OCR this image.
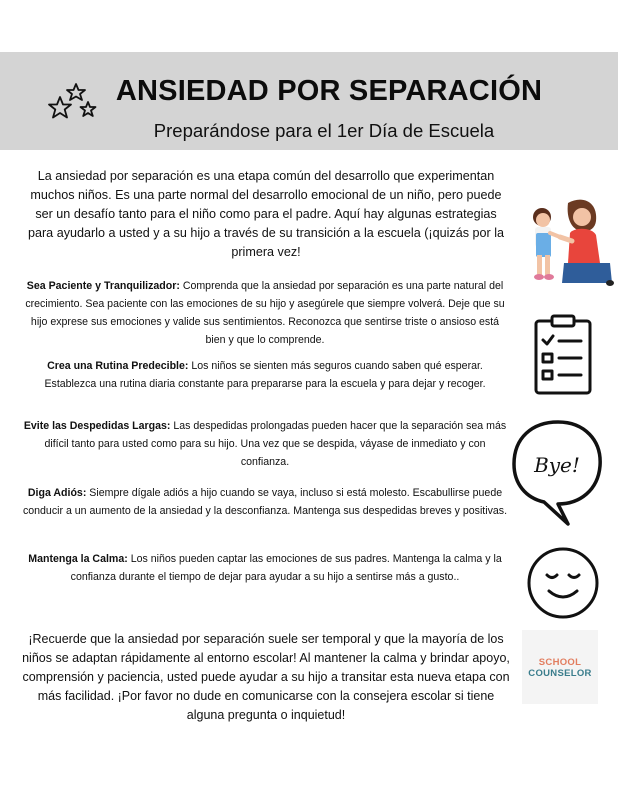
ANSIEDAD POR SEPARACIÓN
Preparándose para el 1er Día de Escuela

La ansiedad por separación es una etapa común del desarrollo que experimentan muchos niños. Es una parte normal del desarrollo emocional de un niño, pero puede ser un desafío tanto para el niño como para el padre. Aquí hay algunas estrategias para ayudarlo a usted y a su hijo a través de su transición a la escuela (¡quizás por la primera vez!

Sea Paciente y Tranquilizador: Comprenda que la ansiedad por separación es una parte natural del crecimiento. Sea paciente con las emociones de su hijo y asegúrele que siempre volverá. Deje que su hijo exprese sus emociones y valide sus sentimientos. Reconozca que sentirse triste o ansioso está bien y que lo comprende.

Crea una Rutina Predecible: Los niños se sienten más seguros cuando saben qué esperar. Establezca una rutina diaria constante para prepararse para la escuela y para dejar y recoger.

Evite las Despedidas Largas: Las despedidas prolongadas pueden hacer que la separación sea más difícil tanto para usted como para su hijo. Una vez que se despida, váyase de inmediato y con confianza.

Diga Adiós: Siempre dígale adiós a hijo cuando se vaya, incluso si está molesto. Escabullirse puede conducir a un aumento de la ansiedad y la desconfianza. Mantenga sus despedidas breves y positivas.

Mantenga la Calma: Los niños pueden captar las emociones de sus padres. Mantenga la calma y la confianza durante el tiempo de dejar para ayudar a su hijo a sentirse más a gusto..

¡Recuerde que la ansiedad por separación suele ser temporal y que la mayoría de los niños se adaptan rápidamente al entorno escolar! Al mantener la calma y brindar apoyo, comprensión y paciencia, usted puede ayudar a su hijo a transitar esta nueva etapa con más facilidad. ¡Por favor no dude en comunicarse con la consejera escolar si tiene alguna pregunta o inquietud!

Bye!
SCHOOL
COUNSELOR
